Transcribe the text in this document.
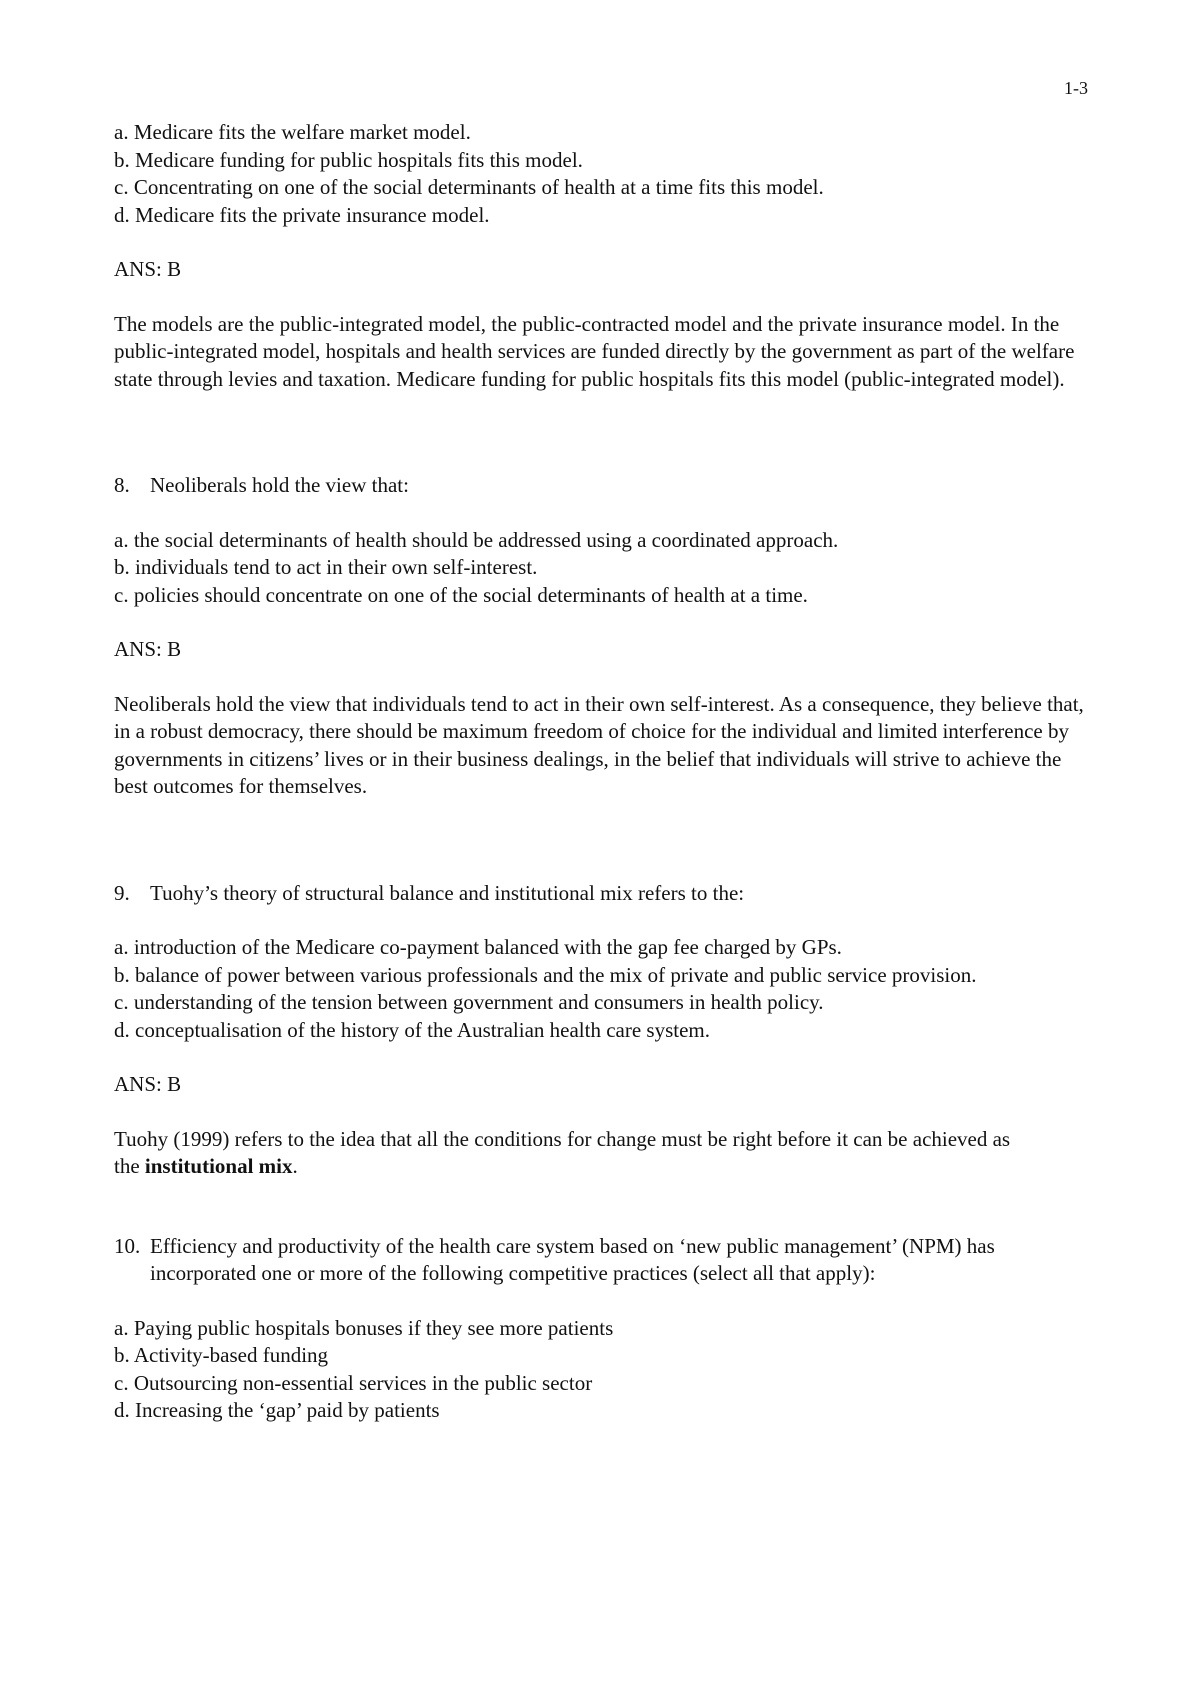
1-3
a. Medicare fits the welfare market model.
b. Medicare funding for public hospitals fits this model.
c. Concentrating on one of the social determinants of health at a time fits this model.
d. Medicare fits the private insurance model.
ANS: B
The models are the public-integrated model, the public-contracted model and the private insurance model. In the public-integrated model, hospitals and health services are funded directly by the government as part of the welfare state through levies and taxation. Medicare funding for public hospitals fits this model (public-integrated model).
8. Neoliberals hold the view that:
a. the social determinants of health should be addressed using a coordinated approach.
b. individuals tend to act in their own self-interest.
c. policies should concentrate on one of the social determinants of health at a time.
ANS: B
Neoliberals hold the view that individuals tend to act in their own self-interest. As a consequence, they believe that, in a robust democracy, there should be maximum freedom of choice for the individual and limited interference by governments in citizens’ lives or in their business dealings, in the belief that individuals will strive to achieve the best outcomes for themselves.
9. Tuohy’s theory of structural balance and institutional mix refers to the:
a. introduction of the Medicare co-payment balanced with the gap fee charged by GPs.
b. balance of power between various professionals and the mix of private and public service provision.
c. understanding of the tension between government and consumers in health policy.
d. conceptualisation of the history of the Australian health care system.
ANS: B
Tuohy (1999) refers to the idea that all the conditions for change must be right before it can be achieved as the institutional mix.
10. Efficiency and productivity of the health care system based on ‘new public management’ (NPM) has incorporated one or more of the following competitive practices (select all that apply):
a. Paying public hospitals bonuses if they see more patients
b. Activity-based funding
c. Outsourcing non-essential services in the public sector
d. Increasing the ‘gap’ paid by patients
